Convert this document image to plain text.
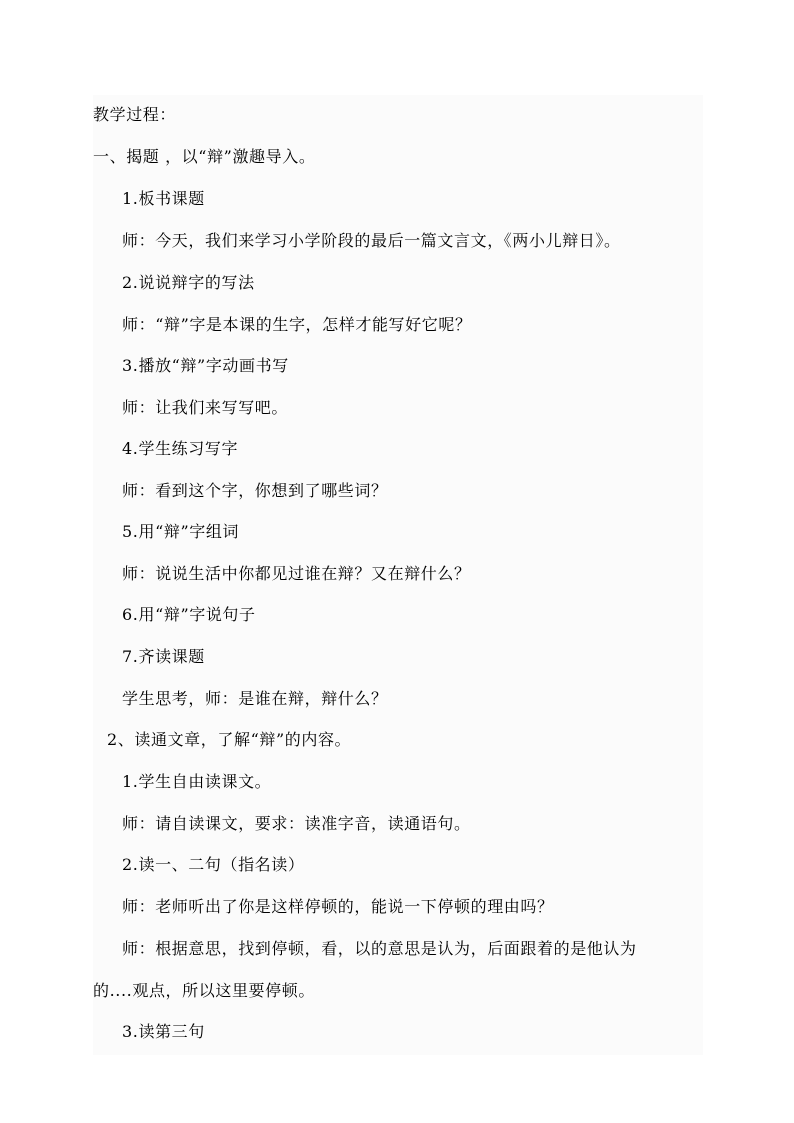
教学过程：
一、揭题 ，以“辩”激趣导入。
1.板书课题
师：今天，我们来学习小学阶段的最后一篇文言文，《两小儿辩日》。
2.说说辩字的写法
师：“辩”字是本课的生字，怎样才能写好它呢？
3.播放“辩”字动画书写
师：让我们来写写吧。
4.学生练习写字
师：看到这个字，你想到了哪些词？
5.用“辩”字组词
师：说说生活中你都见过谁在辩？又在辩什么？
6.用“辩”字说句子
7.齐读课题
学生思考，师：是谁在辩，辩什么？
2、读通文章，了解“辩”的内容。
1.学生自由读课文。
师：请自读课文，要求：读准字音，读通语句。
2.读一、二句（指名读）
师：老师听出了你是这样停顿的，能说一下停顿的理由吗？
师：根据意思，找到停顿，看，以的意思是认为，后面跟着的是他认为
的....观点，所以这里要停顿。
3.读第三句
